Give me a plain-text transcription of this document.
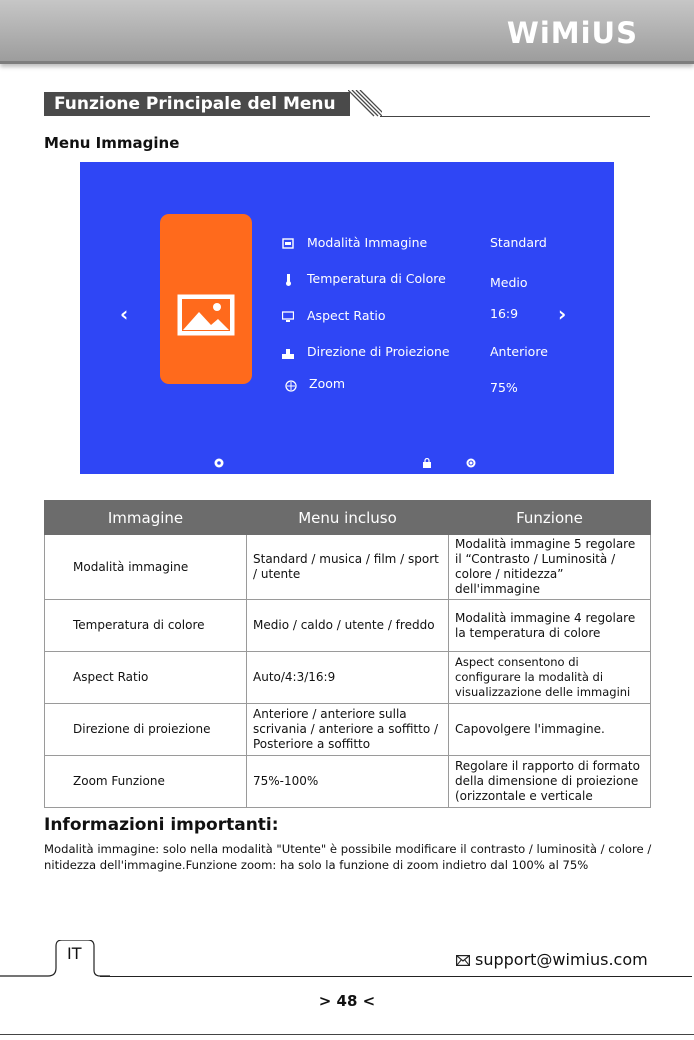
WiMiUS
Funzione Principale del Menu
Menu Immagine
‹
Modalità Immagine	Standard
Temperatura di Colore	Medio
Aspect Ratio	16:9
Direzione di Proiezione	Anteriore
Zoom	75%
›
Immagine	Menu incluso	Funzione
Modalità immagine	Standard / musica / film / sport / utente	Modalità immagine 5 regolare il “Contrasto / Luminosità / colore / nitidezza” dell'immagine
Temperatura di colore	Medio / caldo / utente / freddo	Modalità immagine 4 regolare la temperatura di colore
Aspect Ratio	Auto/4:3/16:9	Aspect consentono di configurare la modalità di visualizzazione delle immagini
Direzione di proiezione	Anteriore / anteriore sulla scrivania / anteriore a soffitto / Posteriore a soffitto	Capovolgere l'immagine.
Zoom Funzione	75%-100%	Regolare il rapporto di formato della dimensione di proiezione (orizzontale e verticale
Informazioni importanti:
Modalità immagine: solo nella modalità "Utente" è possibile modificare il contrasto / luminosità / colore / nitidezza dell'immagine.Funzione zoom: ha solo la funzione di zoom indietro dal 100% al 75%
IT	support@wimius.com
> 48 <
